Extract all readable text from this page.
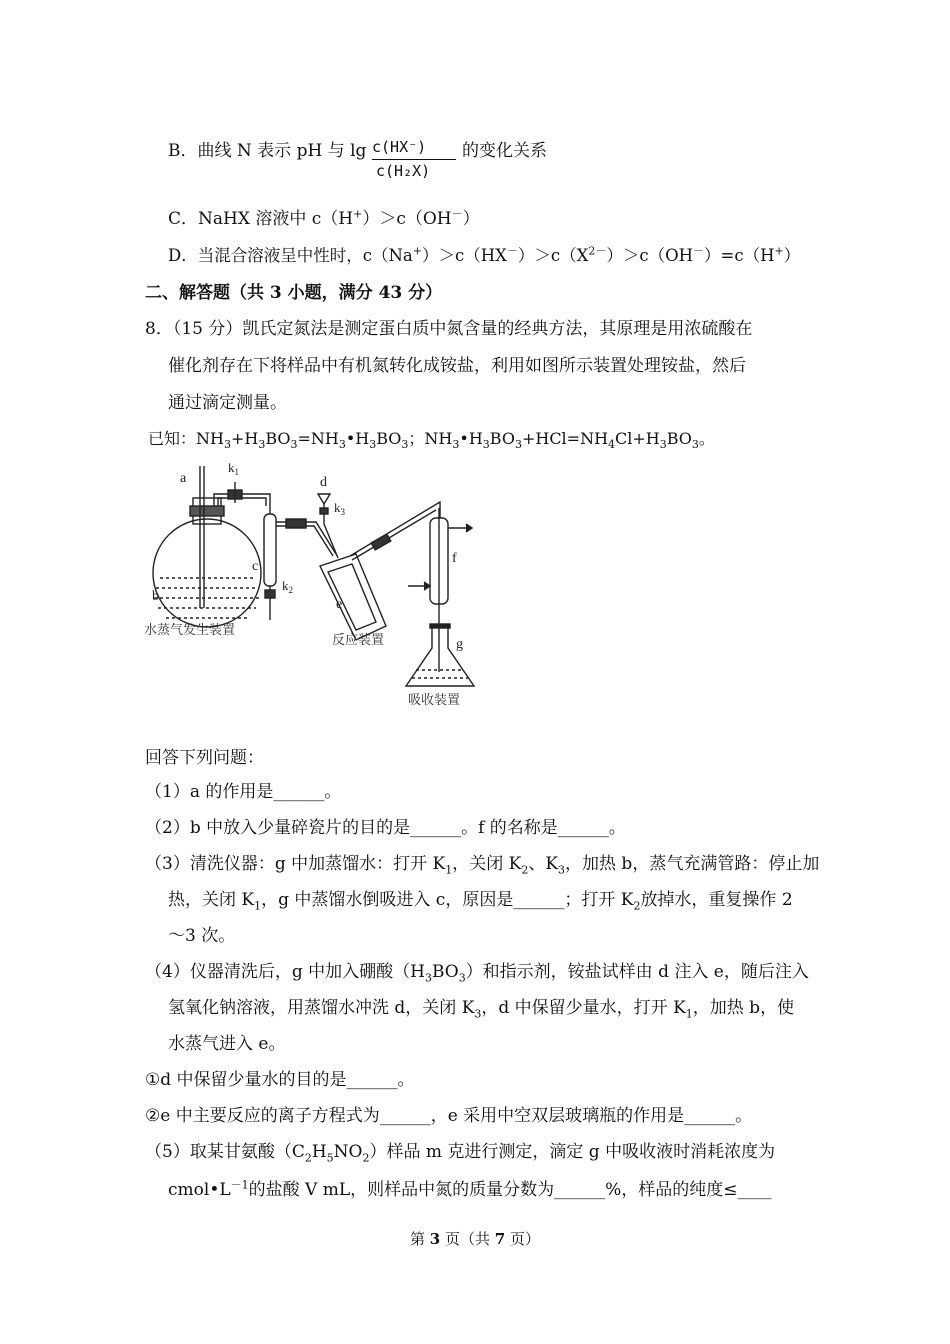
B．曲线 N 表示 pH 与 lg c(HX⁻)
c(H₂X)
的变化关系
C．NaHX 溶液中 c（H+）＞c（OH－）
D．当混合溶液呈中性时，$c(Na^+)>c(HX^-)>c(X^{2-})>c(OH^-)=c(H^+)$
二、解答题（共 3 小题，满分 43 分）
8．（15 分）凯氏定氮法是测定蛋白质中氮含量的经典方法，其原理是用浓硫酸在
催化剂存在下将样品中有机氮转化成铵盐，利用如图所示装置处理铵盐，然后
通过滴定测量。
已知：$NH_3+H_3BO_3=NH_3•H_3BO_3$；$NH_3•H_3BO_3+HCl=NH_4Cl+H_3BO_3$。
a
b
$k_1$
c
$k_2$
d
$k_3$
e
f
g
水蒸气发生装置
反应装置
吸收装置
回答下列问题：
（1）a 的作用是______。
（2）b 中放入少量碎瓷片的目的是______。f 的名称是______。
（3）清洗仪器：g 中加蒸馏水：打开 $K_1$，关闭 $K_2$、$K_3$，加热 b，蒸气充满管路：停止加
热，关闭 $K_1$，g 中蒸馏水倒吸进入 c，原因是______；打开 $K_2$放掉水，重复操作 2
～3 次。
（4）仪器清洗后，g 中加入硼酸$(H_3BO_3)$和指示剂，铵盐试样由 d 注入 e，随后注入
氢氧化钠溶液，用蒸馏水冲洗 d，关闭 $K_3$，d 中保留少量水，打开 $K_1$，加热 b，使
水蒸气进入 e。
①d 中保留少量水的目的是______。
②e 中主要反应的离子方程式为______，e 采用中空双层玻璃瓶的作用是______。
（5）取某甘氨酸$(C_2H_5NO_2)$样品 m 克进行测定，滴定 g 中吸收液时消耗浓度为
$cmol•L^{-1}$的盐酸 V mL，则样品中氮的质量分数为______%，样品的纯度≤____
第 3 页（共 7 页）
